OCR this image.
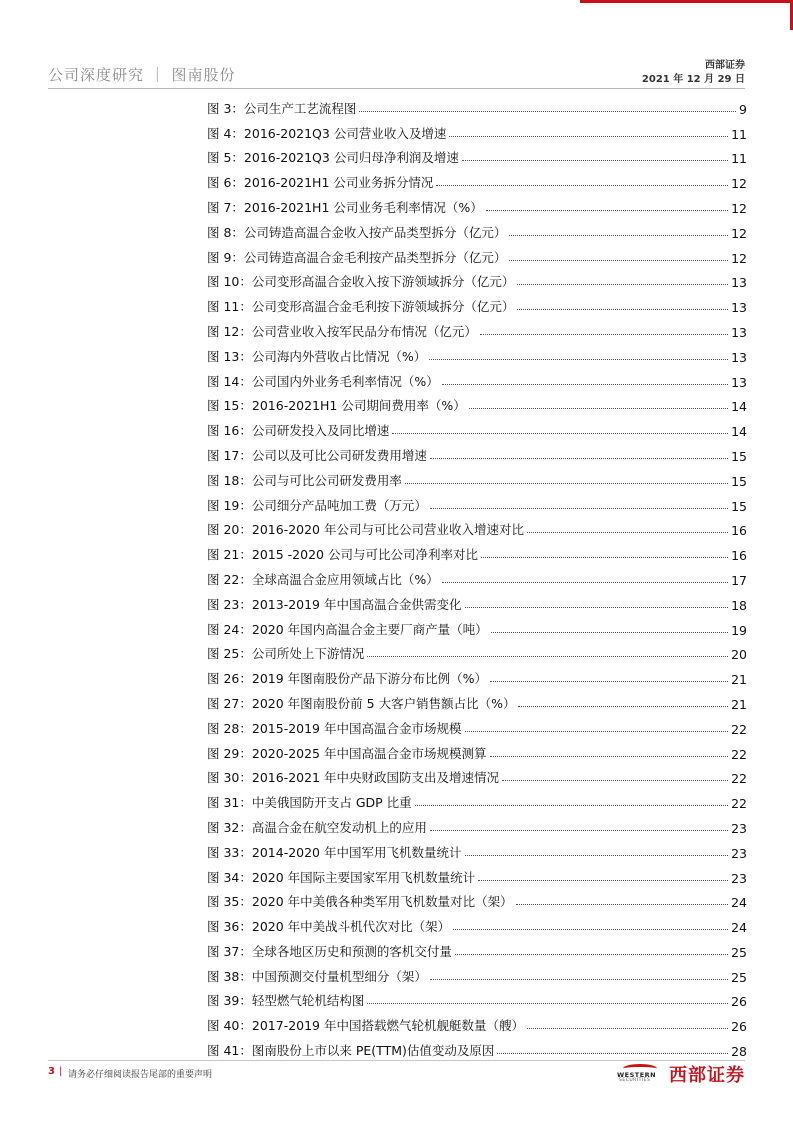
公司深度研究 ｜ 图南股份
西部证券
2021 年 12 月 29 日
图 3：公司生产工艺流程图	9
图 4：2016-2021Q3 公司营业收入及增速	11
图 5：2016-2021Q3 公司归母净利润及增速	11
图 6：2016-2021H1 公司业务拆分情况	12
图 7：2016-2021H1 公司业务毛利率情况（%）	12
图 8：公司铸造高温合金收入按产品类型拆分（亿元）	12
图 9：公司铸造高温合金毛利按产品类型拆分（亿元）	12
图 10：公司变形高温合金收入按下游领域拆分（亿元）	13
图 11：公司变形高温合金毛利按下游领域拆分（亿元）	13
图 12：公司营业收入按军民品分布情况（亿元）	13
图 13：公司海内外营收占比情况（%）	13
图 14：公司国内外业务毛利率情况（%）	13
图 15：2016-2021H1 公司期间费用率（%）	14
图 16：公司研发投入及同比增速	14
图 17：公司以及可比公司研发费用增速	15
图 18：公司与可比公司研发费用率	15
图 19：公司细分产品吨加工费（万元）	15
图 20：2016-2020 年公司与可比公司营业收入增速对比	16
图 21：2015 -2020 公司与可比公司净利率对比	16
图 22：全球高温合金应用领域占比（%）	17
图 23：2013-2019 年中国高温合金供需变化	18
图 24：2020 年国内高温合金主要厂商产量（吨）	19
图 25：公司所处上下游情况	20
图 26：2019 年图南股份产品下游分布比例（%）	21
图 27：2020 年图南股份前 5 大客户销售额占比（%）	21
图 28：2015-2019 年中国高温合金市场规模	22
图 29：2020-2025 年中国高温合金市场规模测算	22
图 30：2016-2021 年中央财政国防支出及增速情况	22
图 31：中美俄国防开支占 GDP 比重	22
图 32：高温合金在航空发动机上的应用	23
图 33：2014-2020 年中国军用飞机数量统计	23
图 34：2020 年国际主要国家军用飞机数量统计	23
图 35：2020 年中美俄各种类军用飞机数量对比（架）	24
图 36：2020 年中美战斗机代次对比（架）	24
图 37：全球各地区历史和预测的客机交付量	25
图 38：中国预测交付量机型细分（架）	25
图 39：轻型燃气轮机结构图	26
图 40：2017-2019 年中国搭载燃气轮机舰艇数量（艘）	26
图 41：图南股份上市以来 PE(TTM)估值变动及原因	28
3 | 请务必仔细阅读报告尾部的重要声明	WESTERN
SECURITIES 西部证券
